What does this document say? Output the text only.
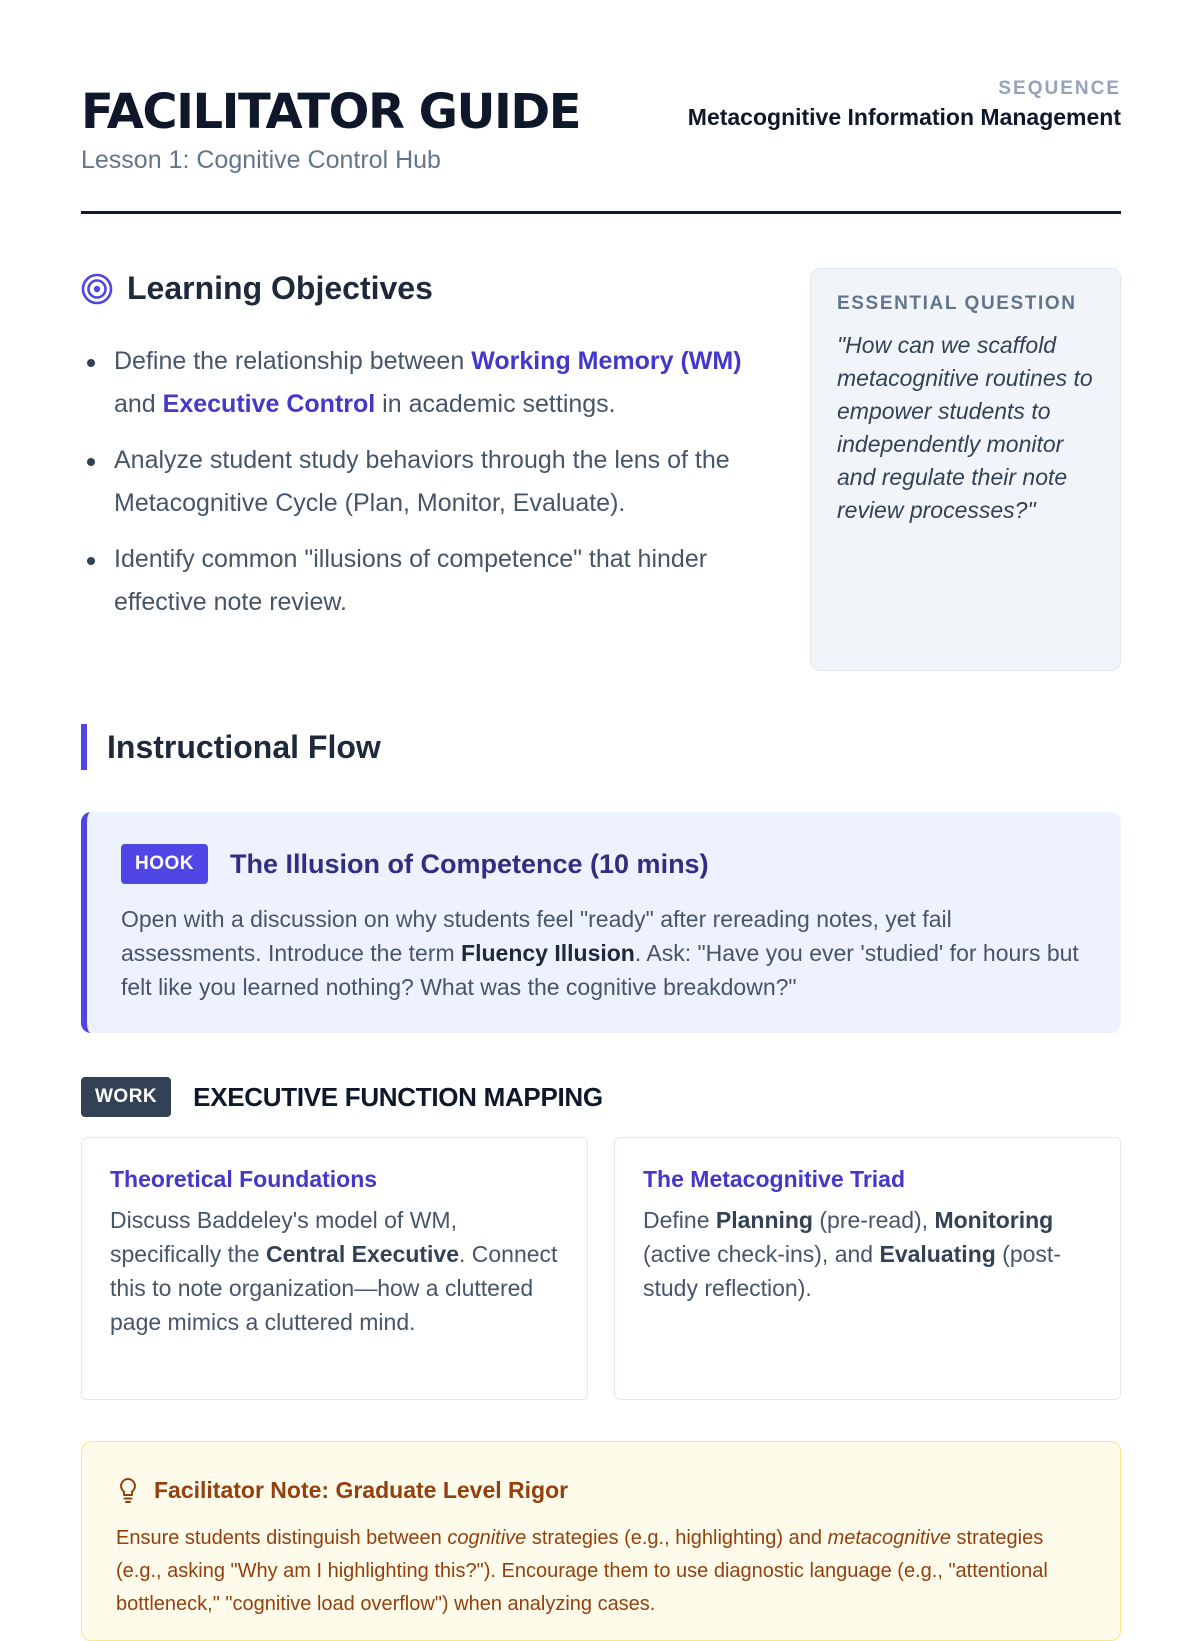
FACILITATOR GUIDE
Lesson 1: Cognitive Control Hub
SEQUENCE
Metacognitive Information Management
Learning Objectives
Define the relationship between Working Memory (WM) and Executive Control in academic settings.
Analyze student study behaviors through the lens of the Metacognitive Cycle (Plan, Monitor, Evaluate).
Identify common "illusions of competence" that hinder effective note review.
ESSENTIAL QUESTION
"How can we scaffold metacognitive routines to empower students to independently monitor and regulate their note review processes?"
Instructional Flow
HOOK	The Illusion of Competence (10 mins)
Open with a discussion on why students feel "ready" after rereading notes, yet fail assessments. Introduce the term Fluency Illusion. Ask: "Have you ever 'studied' for hours but felt like you learned nothing? What was the cognitive breakdown?"
WORK	EXECUTIVE FUNCTION MAPPING
Theoretical Foundations
Discuss Baddeley's model of WM, specifically the Central Executive. Connect this to note organization—how a cluttered page mimics a cluttered mind.
The Metacognitive Triad
Define Planning (pre-read), Monitoring (active check-ins), and Evaluating (post-study reflection).
Facilitator Note: Graduate Level Rigor
Ensure students distinguish between cognitive strategies (e.g., highlighting) and metacognitive strategies (e.g., asking "Why am I highlighting this?"). Encourage them to use diagnostic language (e.g., "attentional bottleneck," "cognitive load overflow") when analyzing cases.
